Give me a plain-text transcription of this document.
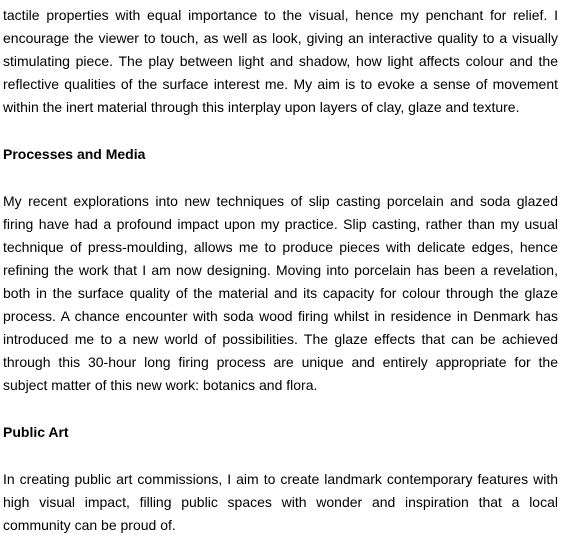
tactile properties with equal importance to the visual, hence my penchant for relief. I encourage the viewer to touch, as well as look, giving an interactive quality to a visually stimulating piece. The play between light and shadow, how light affects colour and the reflective qualities of the surface interest me. My aim is to evoke a sense of movement within the inert material through this interplay upon layers of clay, glaze and texture.

Processes and Media

My recent explorations into new techniques of slip casting porcelain and soda glazed firing have had a profound impact upon my practice. Slip casting, rather than my usual technique of press-moulding, allows me to produce pieces with delicate edges, hence refining the work that I am now designing. Moving into porcelain has been a revelation, both in the surface quality of the material and its capacity for colour through the glaze process. A chance encounter with soda wood firing whilst in residence in Denmark has introduced me to a new world of possibilities. The glaze effects that can be achieved through this 30-hour long firing process are unique and entirely appropriate for the subject matter of this new work: botanics and flora.

Public Art

In creating public art commissions, I aim to create landmark contemporary features with high visual impact, filling public spaces with wonder and inspiration that a local community can be proud of.
